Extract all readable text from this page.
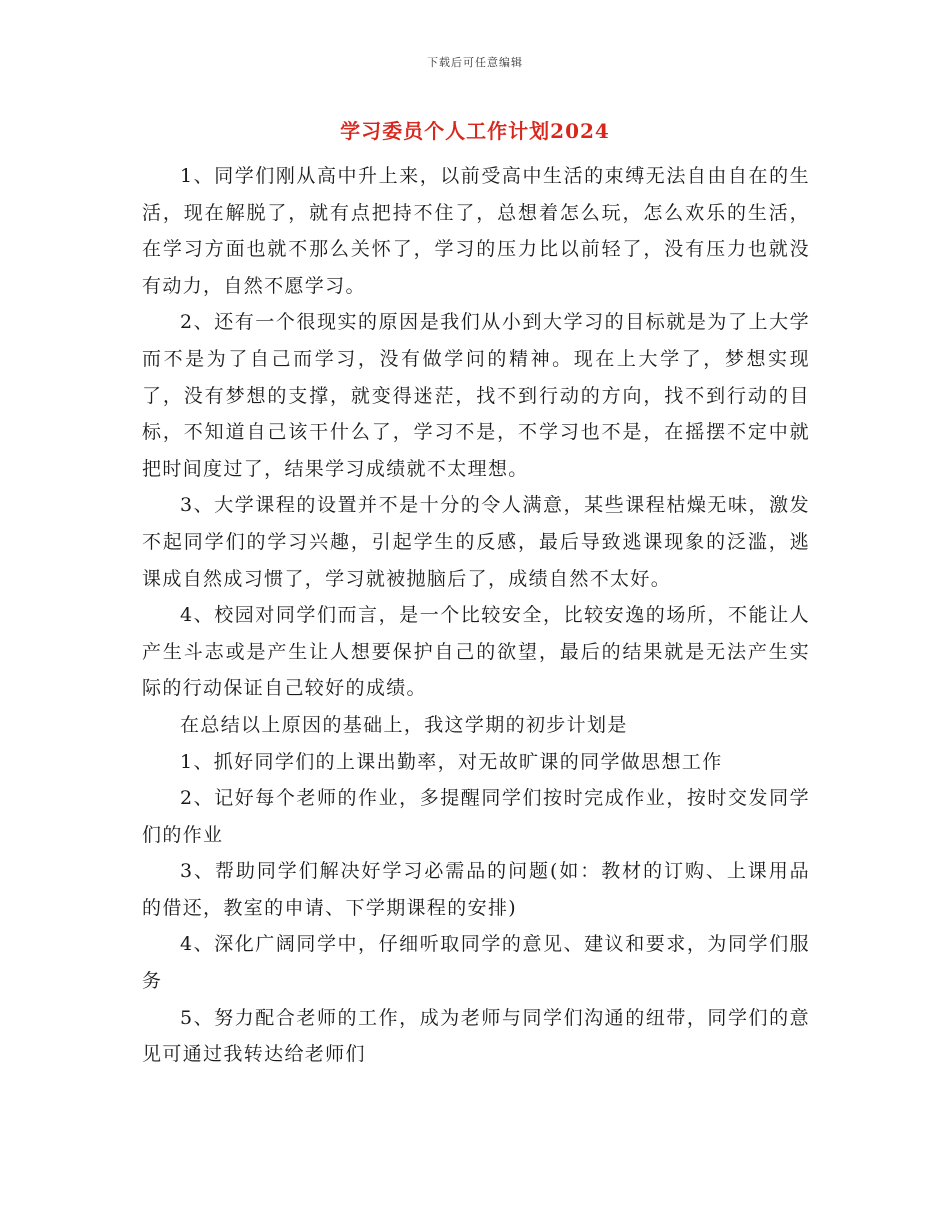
下载后可任意编辑
学习委员个人工作计划2024

1、同学们刚从高中升上来，以前受高中生活的束缚无法自由自在的生活，现在解脱了，就有点把持不住了，总想着怎么玩，怎么欢乐的生活，在学习方面也就不那么关怀了，学习的压力比以前轻了，没有压力也就没有动力，自然不愿学习。

2、还有一个很现实的原因是我们从小到大学习的目标就是为了上大学而不是为了自己而学习，没有做学问的精神。现在上大学了，梦想实现了，没有梦想的支撑，就变得迷茫，找不到行动的方向，找不到行动的目标，不知道自己该干什么了，学习不是，不学习也不是，在摇摆不定中就把时间度过了，结果学习成绩就不太理想。

3、大学课程的设置并不是十分的令人满意，某些课程枯燥无味，激发不起同学们的学习兴趣，引起学生的反感，最后导致逃课现象的泛滥，逃课成自然成习惯了，学习就被抛脑后了，成绩自然不太好。

4、校园对同学们而言，是一个比较安全，比较安逸的场所，不能让人产生斗志或是产生让人想要保护自己的欲望，最后的结果就是无法产生实际的行动保证自己较好的成绩。

在总结以上原因的基础上，我这学期的初步计划是

1、抓好同学们的上课出勤率，对无故旷课的同学做思想工作

2、记好每个老师的作业，多提醒同学们按时完成作业，按时交发同学们的作业

3、帮助同学们解决好学习必需品的问题(如：教材的订购、上课用品的借还，教室的申请、下学期课程的安排)

4、深化广阔同学中，仔细听取同学的意见、建议和要求，为同学们服务

5、努力配合老师的工作，成为老师与同学们沟通的纽带，同学们的意见可通过我转达给老师们
